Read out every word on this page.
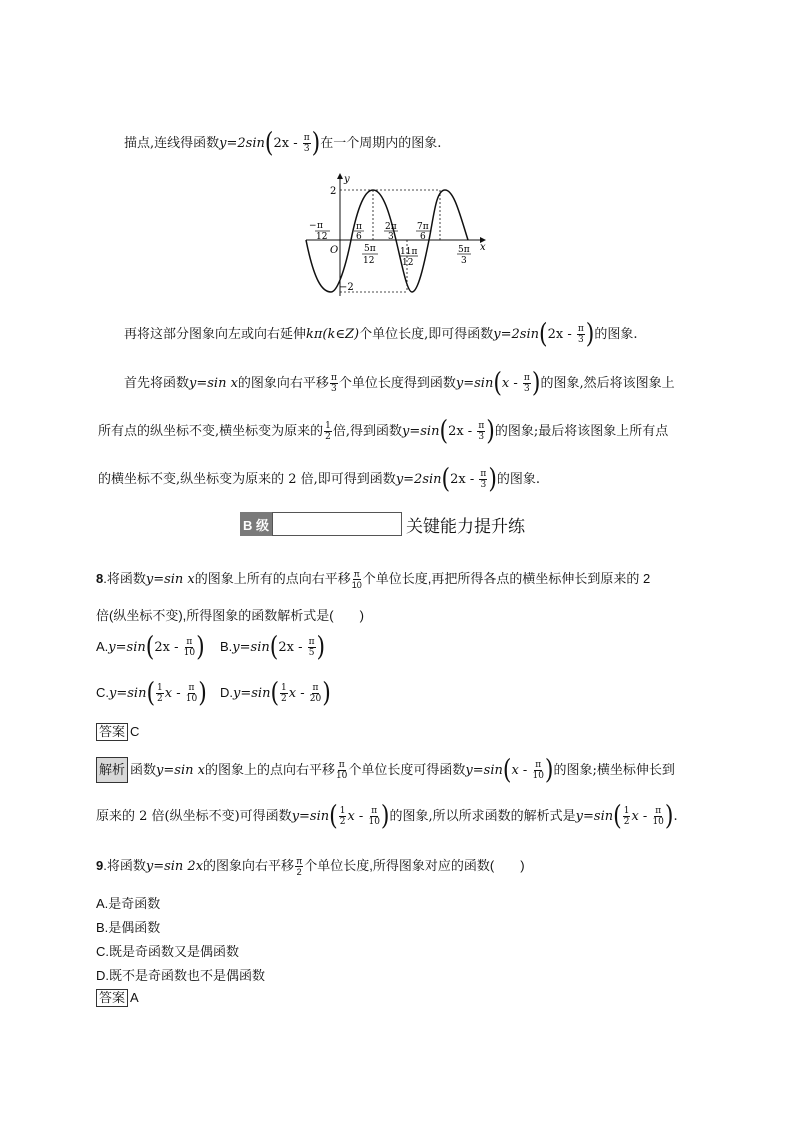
描点,连线得函数$y=2\sin(2x - \frac{\pi}{3}$ )在一个周期内的图象.
y
x
O
2
−2
− π
12
π
6
2π
3
7π
6
5π
12
11π
12
5π
3
再将这部分图象向左或向右延伸kπ(k∈Z)个单位长度,即可得函数$y=2\sin(2x - \frac{\pi}{3}$ )的图象.
首先将函数y=sin x的图象向右平移 $\frac{\pi}{3}$ 个单位长度得到函数$y=\sin(x - \frac{\pi}{3}$ )的图象,然后将该图象上
所有点的纵坐标不变,横坐标变为原来的 $\frac{1}{2}$ 倍,得到函数$y=\sin(2x - \frac{\pi}{3}$ )的图象;最后将该图象上所有点
的横坐标不变,纵坐标变为原来的 2 倍,即可得到函数$y=2\sin(2x - \frac{\pi}{3}$ )的图象.
B 级	关键能力提升练
8.将函数y=sin x的图象上所有的点向右平移 $\frac{\pi}{10}$ 个单位长度,再把所得各点的横坐标伸长到原来的 2
倍(纵坐标不变),所得图象的函数解析式是(　　)
$A.y=\sin(2x - \frac{\pi}{10}$ ) $B.y=\sin(2x - \frac{\pi}{5}$ )
$C.y=\sin( \frac{1}{2}$ x - $\frac{\pi}{10}$ ) $D.y=\sin( \frac{1}{2}$ x - $\frac{\pi}{20}$ )
答案 C
解析 函数y=sin x的图象上的点向右平移 $\frac{\pi}{10}$ 个单位长度可得函数$y=\sin(x - \frac{\pi}{10}$ )的图象;横坐标伸长到
原来的 2 倍(纵坐标不变)可得函数$y=\sin( \frac{1}{2}$ x - $\frac{\pi}{10}$ )的图象,所以所求函数的解析式是$y=\sin( \frac{1}{2}$ x - $\frac{\pi}{10}$ ).
9.将函数y=sin 2x的图象向右平移 $\frac{\pi}{2}$ 个单位长度,所得图象对应的函数(　　)
A.是奇函数
B.是偶函数
C.既是奇函数又是偶函数
D.既不是奇函数也不是偶函数
答案 A
